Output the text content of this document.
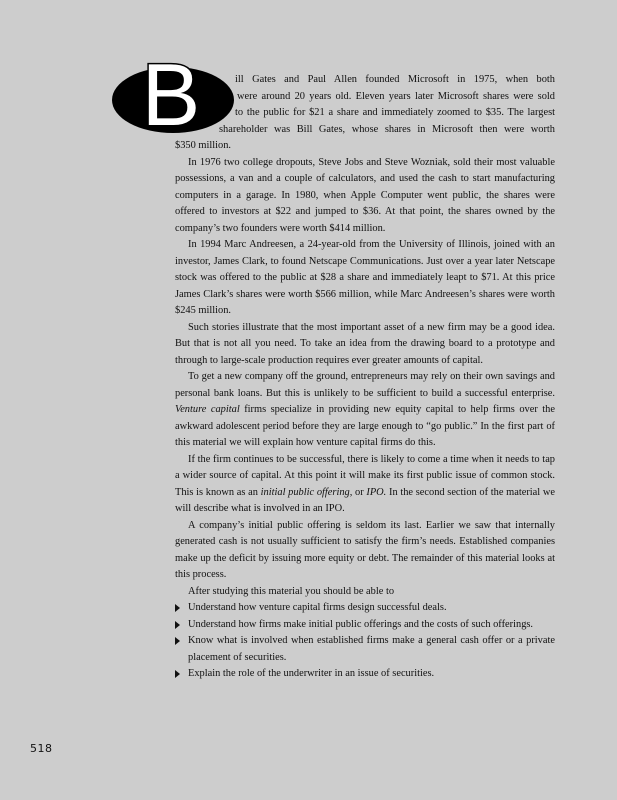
B	ill Gates and Paul Allen founded Microsoft in 1975, when both
were around 20 years old. Eleven years later Microsoft shares were sold
to the public for $21 a share and immediately zoomed to $35. The largest
shareholder was Bill Gates, whose shares in Microsoft then were worth
$350 million.

In 1976 two college dropouts, Steve Jobs and Steve Wozniak, sold their most valuable possessions, a van and a couple of calculators, and used the cash to start manufacturing computers in a garage. In 1980, when Apple Computer went public, the shares were offered to investors at $22 and jumped to $36. At that point, the shares owned by the company’s two founders were worth $414 million.

In 1994 Marc Andreesen, a 24-year-old from the University of Illinois, joined with an investor, James Clark, to found Netscape Communications. Just over a year later Netscape stock was offered to the public at $28 a share and immediately leapt to $71. At this price James Clark’s shares were worth $566 million, while Marc Andreesen’s shares were worth $245 million.

Such stories illustrate that the most important asset of a new firm may be a good idea. But that is not all you need. To take an idea from the drawing board to a prototype and through to large-scale production requires ever greater amounts of capital.

To get a new company off the ground, entrepreneurs may rely on their own savings and personal bank loans. But this is unlikely to be sufficient to build a successful enterprise. Venture capital firms specialize in providing new equity capital to help firms over the awkward adolescent period before they are large enough to “go public.” In the first part of this material we will explain how venture capital firms do this.

If the firm continues to be successful, there is likely to come a time when it needs to tap a wider source of capital. At this point it will make its first public issue of common stock. This is known as an initial public offering, or IPO. In the second section of the material we will describe what is involved in an IPO.

A company’s initial public offering is seldom its last. Earlier we saw that internally generated cash is not usually sufficient to satisfy the firm’s needs. Established companies make up the deficit by issuing more equity or debt. The remainder of this material looks at this process.

After studying this material you should be able to

Understand how venture capital firms design successful deals.
Understand how firms make initial public offerings and the costs of such offerings.
Know what is involved when established firms make a general cash offer or a private placement of securities.
Explain the role of the underwriter in an issue of securities.
518
